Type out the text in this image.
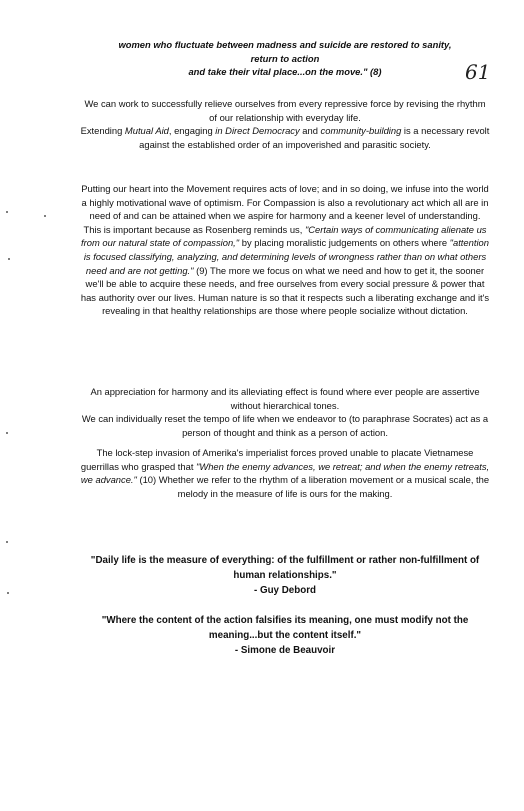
61

women who fluctuate between madness and suicide are restored to sanity,

return to action

and take their vital place...on the move." (8)

We can work to successfully relieve ourselves from every repressive force by revising the rhythm of our relationship with everyday life.

Extending Mutual Aid, engaging in Direct Democracy and community-building is a necessary revolt against the established order of an impoverished and parasitic society.

Putting our heart into the Movement requires acts of love; and in so doing, we infuse into the world a highly motivational wave of optimism. For Compassion is also a revolutionary act which all are in need of and can be attained when we aspire for harmony and a keener level of understanding.

This is important because as Rosenberg reminds us, "Certain ways of communicating alienate us from our natural state of compassion," by placing moralistic judgements on others where "attention is focused classifying, analyzing, and determining levels of wrongness rather than on what others need and are not getting." (9) The more we focus on what we need and how to get it, the sooner we'll be able to acquire these needs, and free ourselves from every social pressure & power that has authority over our lives. Human nature is so that it respects such a liberating exchange and it's revealing in that healthy relationships are those where people socialize without dictation.

An appreciation for harmony and its alleviating effect is found where ever people are assertive without hierarchical tones.

We can individually reset the tempo of life when we endeavor to (to paraphrase Socrates) act as a person of thought and think as a person of action.

The lock-step invasion of Amerika's imperialist forces proved unable to placate Vietnamese guerrillas who grasped that "When the enemy advances, we retreat; and when the enemy retreats, we advance." (10) Whether we refer to the rhythm of a liberation movement or a musical scale, the melody in the measure of life is ours for the making.

"Daily life is the measure of everything: of the fulfillment or rather non-fulfillment of human relationships."

- Guy Debord

"Where the content of the action falsifies its meaning, one must modify not the meaning...but the content itself."

- Simone de Beauvoir
